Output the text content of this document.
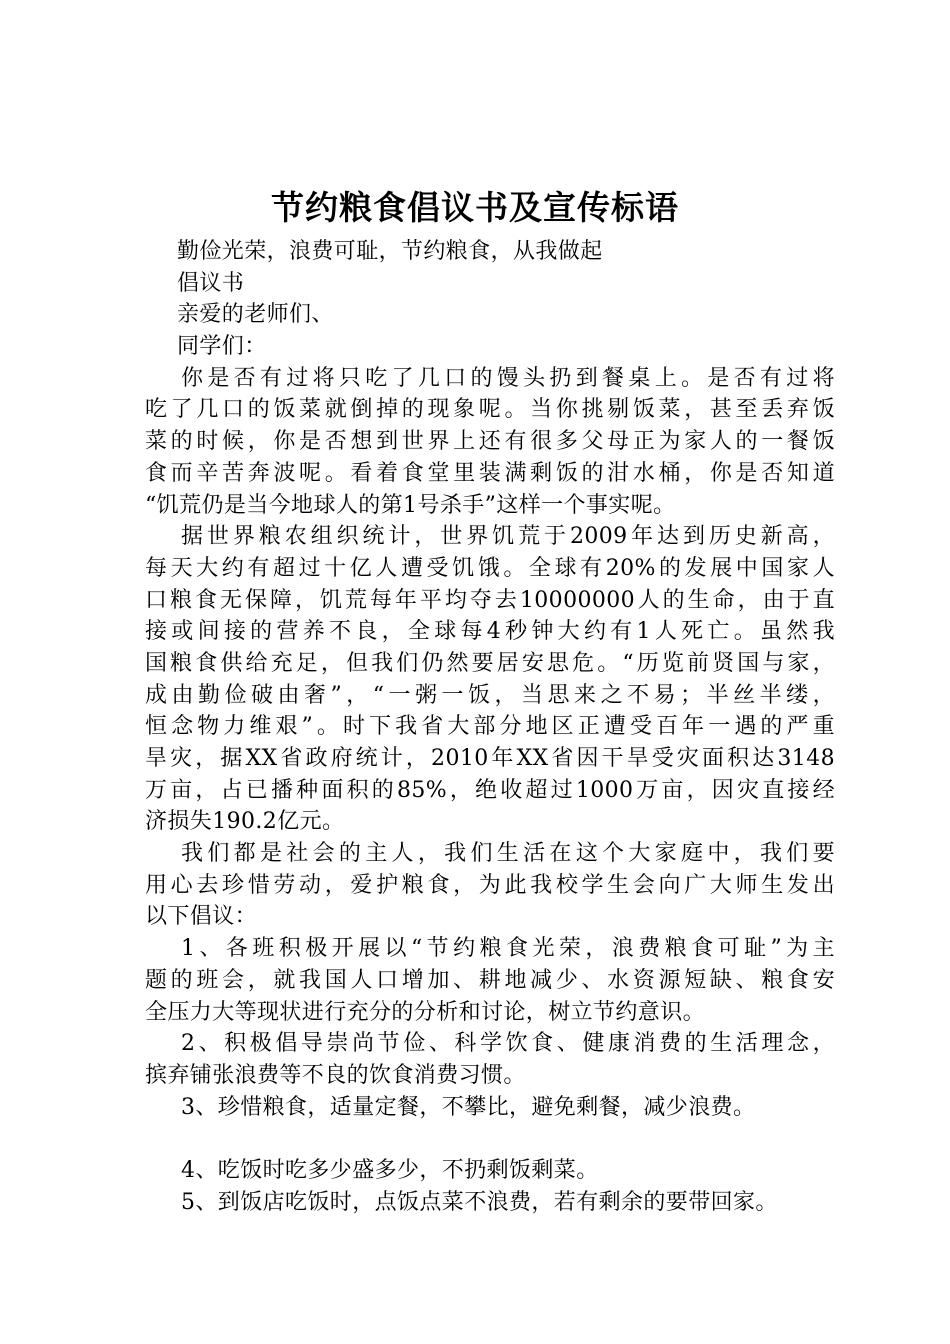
节约粮食倡议书及宣传标语
勤俭光荣，浪费可耻，节约粮食，从我做起
倡议书
亲爱的老师们、
同学们：
你是否有过将只吃了几口的馒头扔到餐桌上。是否有过将
吃了几口的饭菜就倒掉的现象呢。当你挑剔饭菜，甚至丢弃饭
菜的时候，你是否想到世界上还有很多父母正为家人的一餐饭
食而辛苦奔波呢。看着食堂里装满剩饭的泔水桶，你是否知道
“饥荒仍是当今地球人的第1号杀手”这样一个事实呢。
据世界粮农组织统计，世界饥荒于2009年达到历史新高，
每天大约有超过十亿人遭受饥饿。全球有20%的发展中国家人
口粮食无保障，饥荒每年平均夺去10000000人的生命，由于直
接或间接的营养不良，全球每4秒钟大约有1人死亡。虽然我
国粮食供给充足，但我们仍然要居安思危。“历览前贤国与家，
成由勤俭破由奢”，“一粥一饭，当思来之不易；半丝半缕，
恒念物力维艰”。时下我省大部分地区正遭受百年一遇的严重
旱灾，据XX省政府统计，2010年XX省因干旱受灾面积达3148
万亩，占已播种面积的85%，绝收超过1000万亩，因灾直接经
济损失190.2亿元。
我们都是社会的主人，我们生活在这个大家庭中，我们要
用心去珍惜劳动，爱护粮食，为此我校学生会向广大师生发出
以下倡议：
1、各班积极开展以“节约粮食光荣，浪费粮食可耻”为主
题的班会，就我国人口增加、耕地减少、水资源短缺、粮食安
全压力大等现状进行充分的分析和讨论，树立节约意识。
2、积极倡导崇尚节俭、科学饮食、健康消费的生活理念，
摈弃铺张浪费等不良的饮食消费习惯。
3、珍惜粮食，适量定餐，不攀比，避免剩餐，减少浪费。
4、吃饭时吃多少盛多少，不扔剩饭剩菜。
5、到饭店吃饭时，点饭点菜不浪费，若有剩余的要带回家。
